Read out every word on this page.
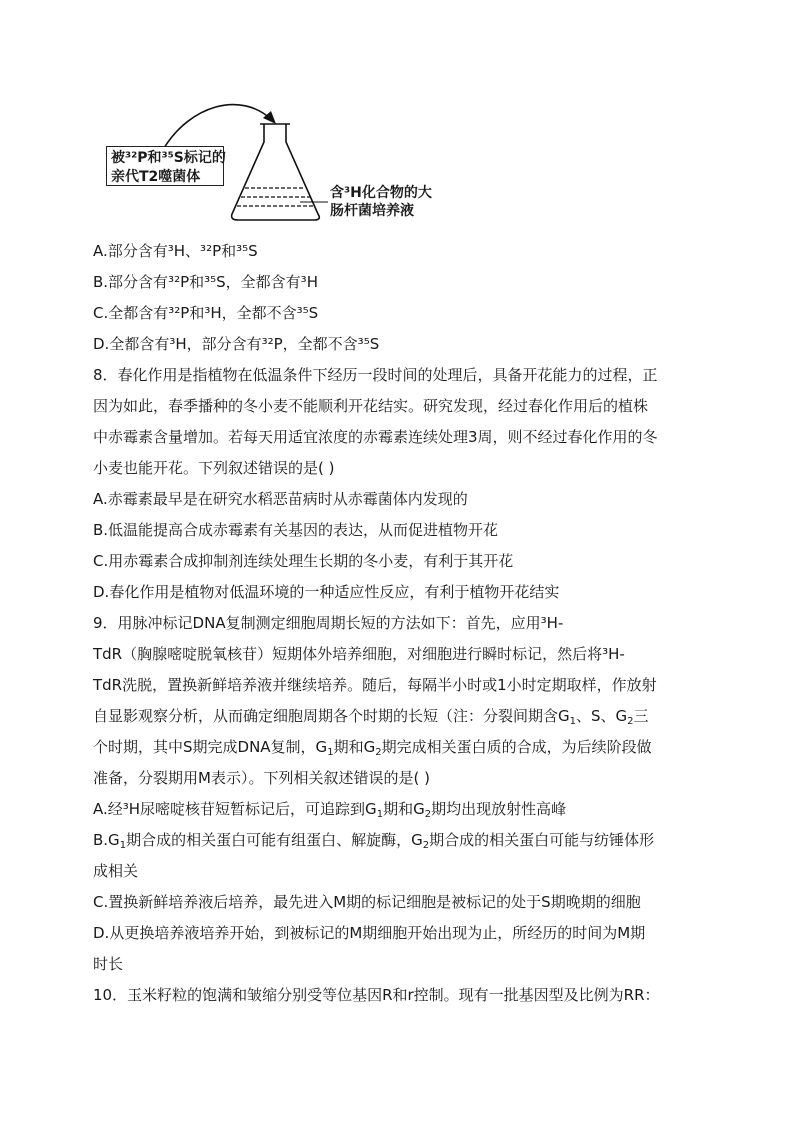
被³²P和³⁵S标记的
亲代T2噬菌体
含³H化合物的大
肠杆菌培养液
A.部分含有³H、³²P和³⁵S
B.部分含有³²P和³⁵S，全都含有³H
C.全都含有³²P和³H，全都不含³⁵S
D.全都含有³H，部分含有³²P，全都不含³⁵S
8．春化作用是指植物在低温条件下经历一段时间的处理后，具备开花能力的过程，正
因为如此，春季播种的冬小麦不能顺利开花结实。研究发现，经过春化作用后的植株
中赤霉素含量增加。若每天用适宜浓度的赤霉素连续处理3周，则不经过春化作用的冬
小麦也能开花。下列叙述错误的是( )
A.赤霉素最早是在研究水稻恶苗病时从赤霉菌体内发现的
B.低温能提高合成赤霉素有关基因的表达，从而促进植物开花
C.用赤霉素合成抑制剂连续处理生长期的冬小麦，有利于其开花
D.春化作用是植物对低温环境的一种适应性反应，有利于植物开花结实
9．用脉冲标记DNA复制测定细胞周期长短的方法如下：首先，应用³H-
TdR（胸腺嘧啶脱氧核苷）短期体外培养细胞，对细胞进行瞬时标记，然后将³H-
TdR洗脱，置换新鲜培养液并继续培养。随后，每隔半小时或1小时定期取样，作放射
自显影观察分析，从而确定细胞周期各个时期的长短（注：分裂间期含$G_1$、S、$G_2$三
个时期，其中S期完成DNA复制，$G_1$期和$G_2$期完成相关蛋白质的合成，为后续阶段做
准备，分裂期用M表示）。下列相关叙述错误的是( )
A.经³H尿嘧啶核苷短暂标记后，可追踪到$G_1$期和$G_2$期均出现放射性高峰
$B.G_1$期合成的相关蛋白可能有组蛋白、解旋酶，$G_2$期合成的相关蛋白可能与纺锤体形
成相关
C.置换新鲜培养液后培养，最先进入M期的标记细胞是被标记的处于S期晚期的细胞
D.从更换培养液培养开始，到被标记的M期细胞开始出现为止，所经历的时间为M期
时长
10．玉米籽粒的饱满和皱缩分别受等位基因R和r控制。现有一批基因型及比例为RR：
